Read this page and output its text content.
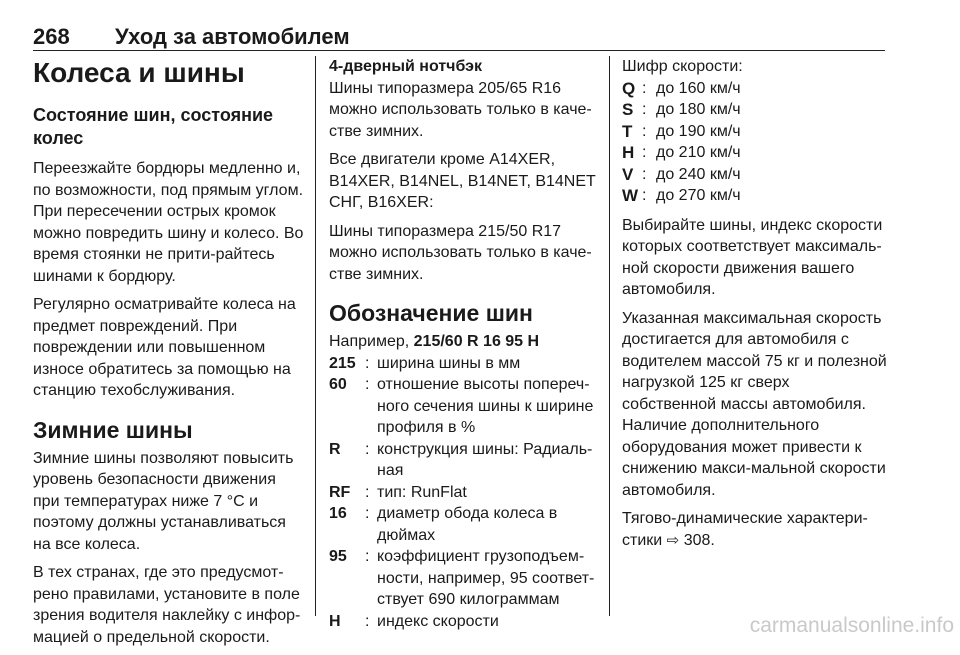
268 Уход за автомобилем
Колеса и шины
Состояние шин, состояние колес

Переезжайте бордюры медленно и, по возможности, под прямым углом. При пересечении острых кромок можно повредить шину и колесо. Во время стоянки не прити-райтесь шинами к бордюру.

Регулярно осматривайте колеса на предмет повреждений. При повреждении или повышенном износе обратитесь за помощью на станцию техобслуживания.

Зимние шины

Зимние шины позволяют повысить уровень безопасности движения при температурах ниже 7 °C и поэтому должны устанавливаться на все колеса.

В тех странах, где это предусмот-рено правилами, установите в поле зрения водителя наклейку с инфор-мацией о предельной скорости.

4-дверный нотчбэк

Шины типоразмера 205/65 R16 можно использовать только в каче-стве зимних.

Все двигатели кроме A14XER, B14XER, B14NEL, B14NET, B14NET СНГ, B16XER:

Шины типоразмера 215/50 R17 можно использовать только в каче-стве зимних.

Обозначение шин
Например, 215/60 R 16 95 H
215 : ширина шины в мм
60	: отношение высоты попереч-ного сечения шины к ширине профиля в %
R	: конструкция шины: Радиаль-ная
RF : тип: RunFlat
16	: диаметр обода колеса в дюймах
95	: коэффициент грузоподъем-ности, например, 95 соответ-ствует 690 килограммам
H	: индекс скорости
Шифр скорости:
Q : до 160 км/ч
S : до 180 км/ч
T : до 190 км/ч
H : до 210 км/ч
V : до 240 км/ч
W : до 270 км/ч

Выбирайте шины, индекс скорости которых соответствует максималь-ной скорости движения вашего автомобиля.

Указанная максимальная скорость достигается для автомобиля с водителем массой 75 кг и полезной нагрузкой 125 кг сверх собственной массы автомобиля. Наличие дополнительного оборудования может привести к снижению макси-мальной скорости автомобиля.

Тягово-динамические характери-стики ⇨ 308.

carmanualsonline.info
